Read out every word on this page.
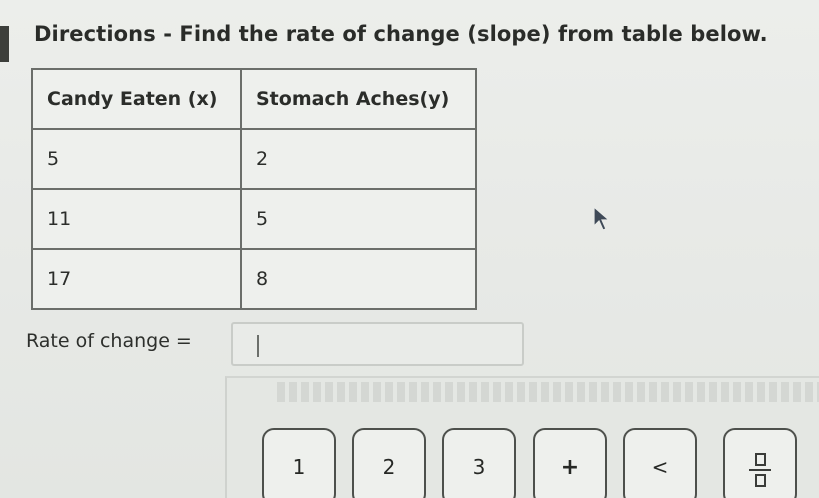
Directions - Find the rate of change (slope) from table below.
Candy Eaten (x)	Stomach Aches(y)
5	2
11	5
17	8
Rate of change =
1	2	3	+	<
